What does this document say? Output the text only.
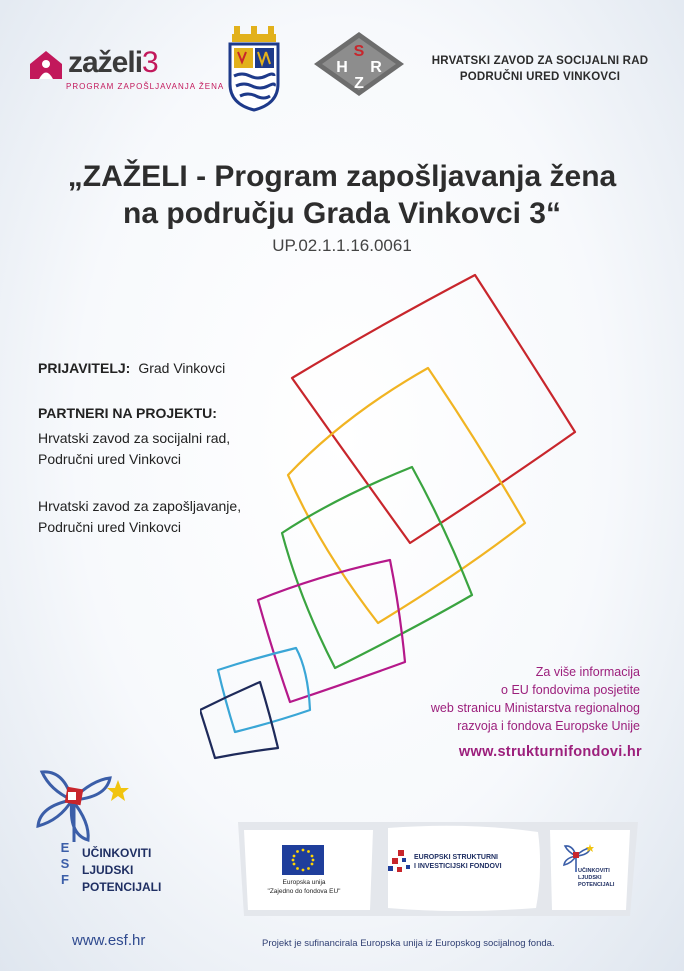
zaželi3
PROGRAM ZAPOŠLJAVANJA ŽENA
S
H R
Z
HRVATSKI ZAVOD ZA SOCIJALNI RAD
PODRUČNI URED VINKOVCI
„ZAŽELI - Program zapošljavanja žena
na području Grada Vinkovci 3“
UP.02.1.1.16.0061
PRIJAVITELJ: Grad Vinkovci
PARTNERI NA PROJEKTU:
Hrvatski zavod za socijalni rad,
Područni ured Vinkovci
Hrvatski zavod za zapošljavanje,
Područni ured Vinkovci
Za više informacija
o EU fondovima posjetite
web stranicu Ministarstva regionalnog
razvoja i fondova Europske Unije
www.strukturnifondovi.hr
E
S
F
UČINKOVITI
LJUDSKI
POTENCIJALI
www.esf.hr
Europska unija
"Zajedno do fondova EU"
EUROPSKI STRUKTURNI
I INVESTICIJSKI FONDOVI
UČINKOVITI
LJUDSKI
POTENCIJALI
Projekt je sufinancirala Europska unija iz Europskog socijalnog fonda.
